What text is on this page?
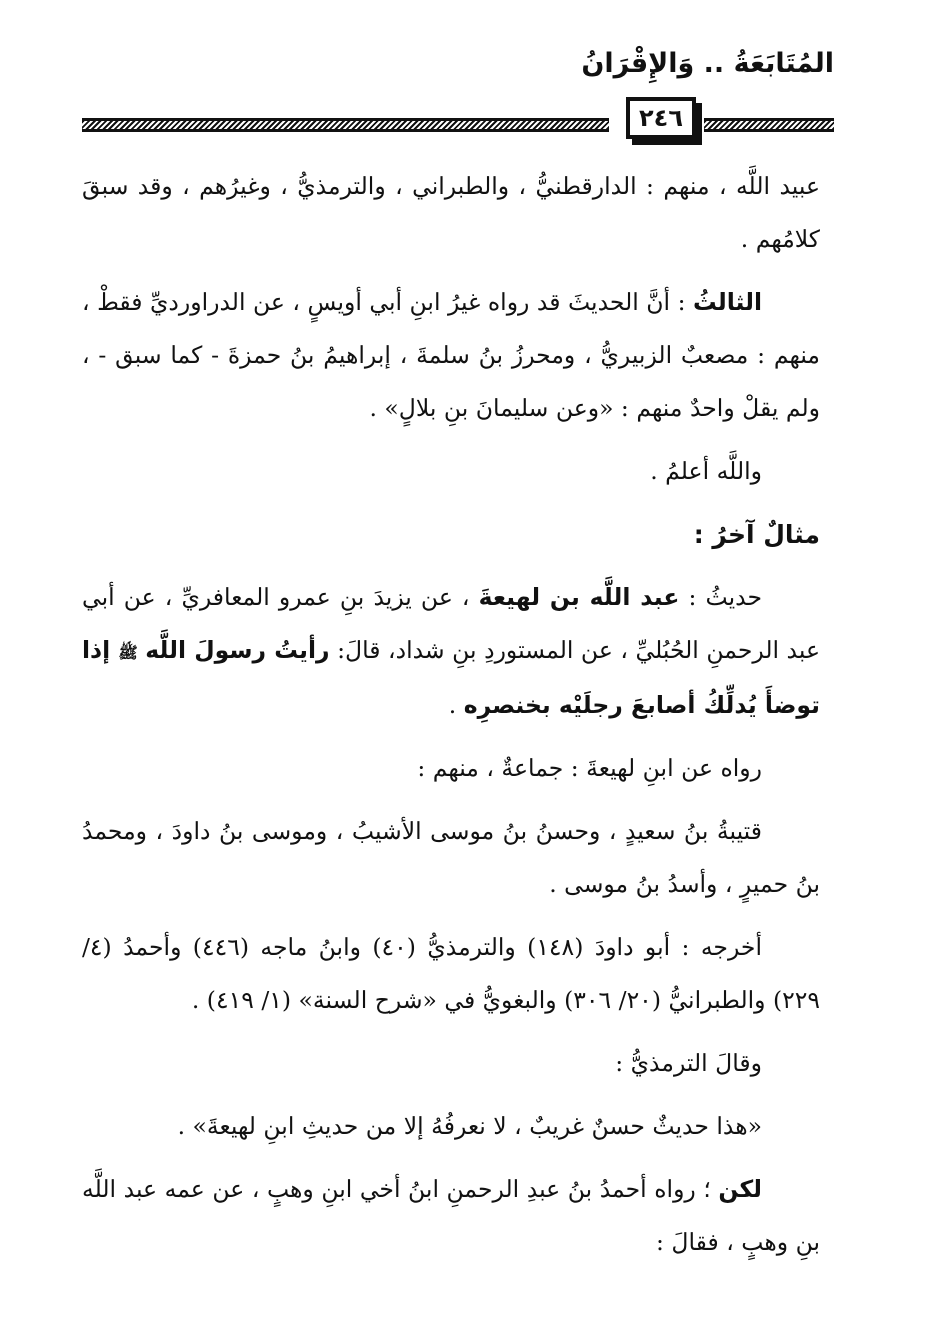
المُتَابَعَةُ .. وَالإِقْرَانُ
٢٤٦

عبيد اللَّه ، منهم : الدارقطنيُّ ، والطبراني ، والترمذيُّ ، وغيرُهم ، وقد سبقَ كلامُهم .

الثالثُ : أنَّ الحديثَ قد رواه غيرُ ابنِ أبي أويسٍ ، عن الدراورديِّ فقطْ ، منهم : مصعبٌ الزبيريُّ ، ومحرزُ بنُ سلمةَ ، إبراهيمُ بنُ حمزةَ - كما سبق - ، ولم يقلْ واحدٌ منهم : «وعن سليمانَ بنِ بلالٍ» .

واللَّه أعلمُ .

مثالٌ آخرُ :

حديثُ : عبد اللَّه بن لهيعةَ ، عن يزيدَ بنِ عمرو المعافريِّ ، عن أبي عبد الرحمنِ الحُبُليِّ ، عن المستوردِ بنِ شداد، قالَ: رأيتُ رسولَ اللَّه ﷺ إذا توضأَ يُدلِّكُ أصابعَ رجلَيْه بخنصرِه .

رواه عن ابنِ لهيعةَ : جماعةٌ ، منهم :

قتيبةُ بنُ سعيدٍ ، وحسنُ بنُ موسى الأشيبُ ، وموسى بنُ داودَ ، ومحمدُ بنُ حميرٍ ، وأسدُ بنُ موسى .

أخرجه : أبو داودَ (١٤٨) والترمذيُّ (٤٠) وابنُ ماجه (٤٤٦) وأحمدُ (٤/ ٢٢٩) والطبرانيُّ (٢٠/ ٣٠٦) والبغويُّ في «شرح السنة» (١/ ٤١٩) .

وقالَ الترمذيُّ :

«هذا حديثٌ حسنٌ غريبٌ ، لا نعرفُهُ إلا من حديثِ ابنِ لهيعةَ» .

لكن ؛ رواه أحمدُ بنُ عبدِ الرحمنِ ابنُ أخي ابنِ وهبٍ ، عن عمه عبد اللَّه بنِ وهبٍ ، فقالَ :
